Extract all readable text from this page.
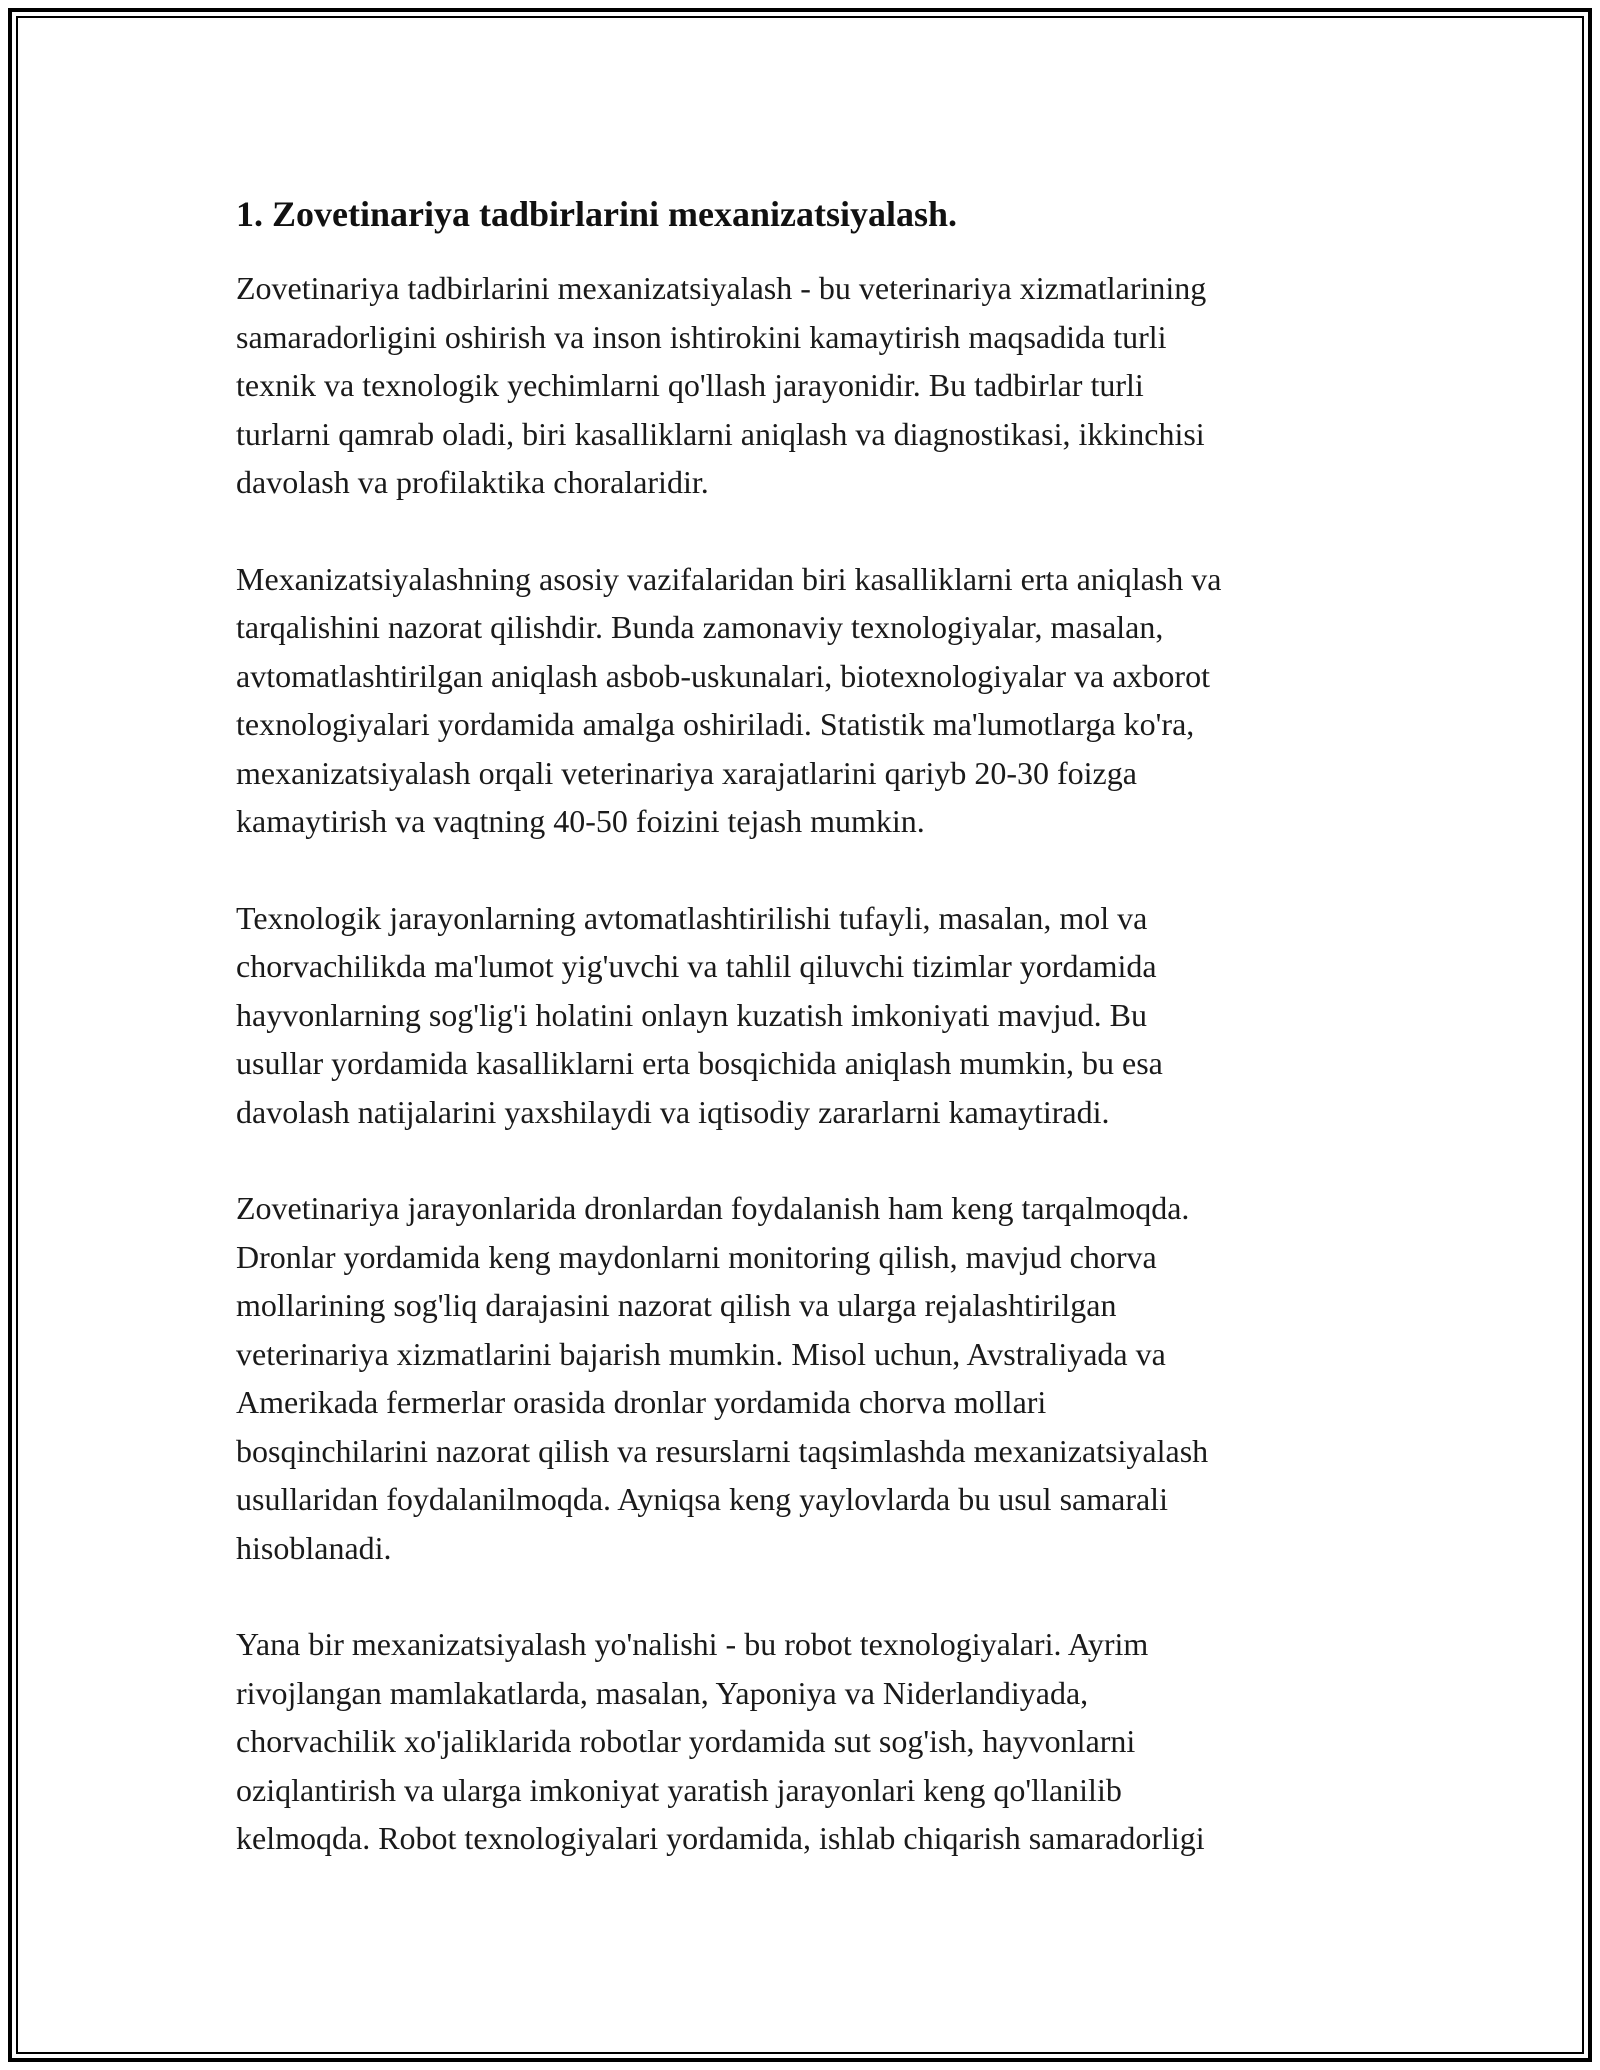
1. Zovetinariya tadbirlarini mexanizatsiyalash.

Zovetinariya tadbirlarini mexanizatsiyalash - bu veterinariya xizmatlarining
samaradorligini oshirish va inson ishtirokini kamaytirish maqsadida turli
texnik va texnologik yechimlarni qo'llash jarayonidir. Bu tadbirlar turli
turlarni qamrab oladi, biri kasalliklarni aniqlash va diagnostikasi, ikkinchisi
davolash va profilaktika choralaridir.

Mexanizatsiyalashning asosiy vazifalaridan biri kasalliklarni erta aniqlash va
tarqalishini nazorat qilishdir. Bunda zamonaviy texnologiyalar, masalan,
avtomatlashtirilgan aniqlash asbob-uskunalari, biotexnologiyalar va axborot
texnologiyalari yordamida amalga oshiriladi. Statistik ma'lumotlarga ko'ra,
mexanizatsiyalash orqali veterinariya xarajatlarini qariyb 20-30 foizga
kamaytirish va vaqtning 40-50 foizini tejash mumkin.

Texnologik jarayonlarning avtomatlashtirilishi tufayli, masalan, mol va
chorvachilikda ma'lumot yig'uvchi va tahlil qiluvchi tizimlar yordamida
hayvonlarning sog'lig'i holatini onlayn kuzatish imkoniyati mavjud. Bu
usullar yordamida kasalliklarni erta bosqichida aniqlash mumkin, bu esa
davolash natijalarini yaxshilaydi va iqtisodiy zararlarni kamaytiradi.

Zovetinariya jarayonlarida dronlardan foydalanish ham keng tarqalmoqda.
Dronlar yordamida keng maydonlarni monitoring qilish, mavjud chorva
mollarining sog'liq darajasini nazorat qilish va ularga rejalashtirilgan
veterinariya xizmatlarini bajarish mumkin. Misol uchun, Avstraliyada va
Amerikada fermerlar orasida dronlar yordamida chorva mollari
bosqinchilarini nazorat qilish va resurslarni taqsimlashda mexanizatsiyalash
usullaridan foydalanilmoqda. Ayniqsa keng yaylovlarda bu usul samarali
hisoblanadi.

Yana bir mexanizatsiyalash yo'nalishi - bu robot texnologiyalari. Ayrim
rivojlangan mamlakatlarda, masalan, Yaponiya va Niderlandiyada,
chorvachilik xo'jaliklarida robotlar yordamida sut sog'ish, hayvonlarni
oziqlantirish va ularga imkoniyat yaratish jarayonlari keng qo'llanilib
kelmoqda. Robot texnologiyalari yordamida, ishlab chiqarish samaradorligi
